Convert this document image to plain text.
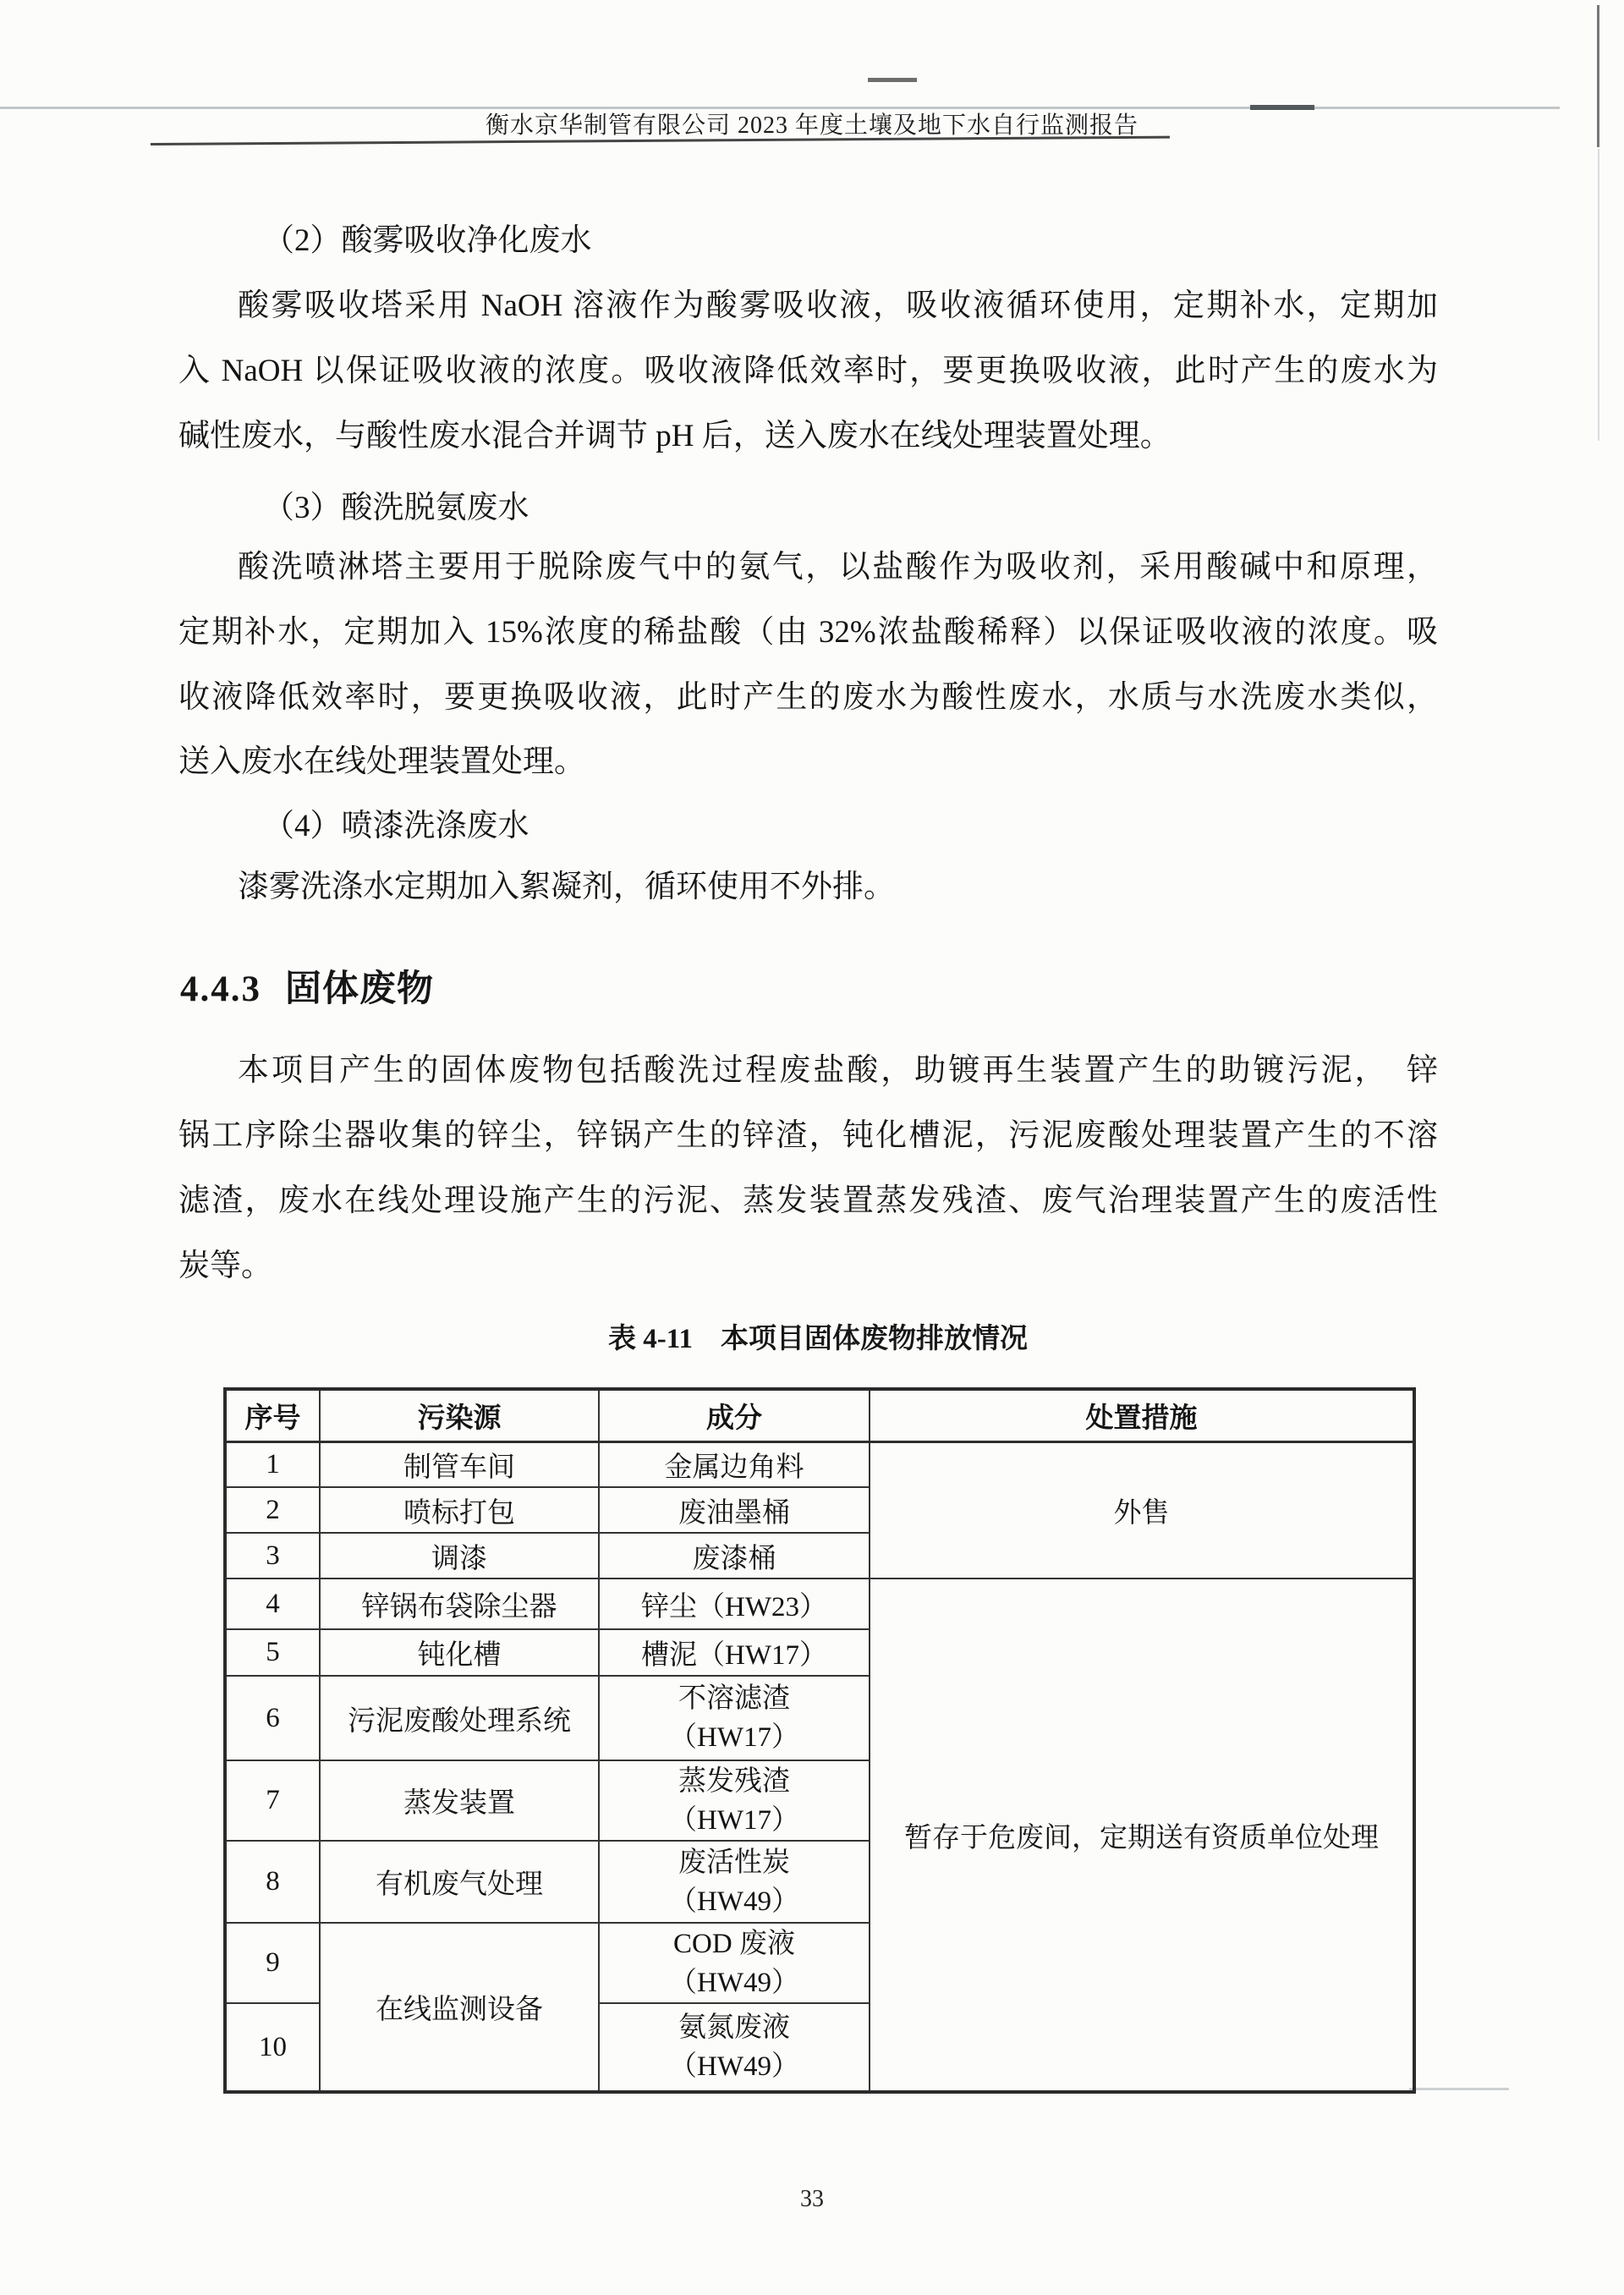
衡水京华制管有限公司 2023 年度土壤及地下水自行监测报告
（2）酸雾吸收净化废水
酸雾吸收塔采用 NaOH 溶液作为酸雾吸收液，吸收液循环使用，定期补水，定期加
入 NaOH 以保证吸收液的浓度。吸收液降低效率时，要更换吸收液，此时产生的废水为
碱性废水，与酸性废水混合并调节 pH 后，送入废水在线处理装置处理。
（3）酸洗脱氨废水
酸洗喷淋塔主要用于脱除废气中的氨气，以盐酸作为吸收剂，采用酸碱中和原理，
定期补水，定期加入 15%浓度的稀盐酸（由 32%浓盐酸稀释）以保证吸收液的浓度。吸
收液降低效率时，要更换吸收液，此时产生的废水为酸性废水，水质与水洗废水类似，
送入废水在线处理装置处理。
（4）喷漆洗涤废水
漆雾洗涤水定期加入絮凝剂，循环使用不外排。
4.4.3 固体废物
本项目产生的固体废物包括酸洗过程废盐酸，助镀再生装置产生的助镀污泥，　锌
锅工序除尘器收集的锌尘，锌锅产生的锌渣，钝化槽泥，污泥废酸处理装置产生的不溶
滤渣，废水在线处理设施产生的污泥、蒸发装置蒸发残渣、废气治理装置产生的废活性
炭等。
表 4-11　本项目固体废物排放情况
序号	污染源	成分	处置措施
1	制管车间	金属边角料	外售
2	喷标打包	废油墨桶	
3	调漆	废漆桶	
4	锌锅布袋除尘器	锌尘（HW23）	暂存于危废间，定期送有资质单位处理
5	钝化槽	槽泥（HW17）	
6	污泥废酸处理系统	不溶滤渣
（HW17）	

7	蒸发装置	蒸发残渣
（HW17）	

8	有机废气处理	废活性炭
（HW49）	

9	在线监测设备	COD 废液
（HW49）	

10		氨氮废液
（HW49）	
33
